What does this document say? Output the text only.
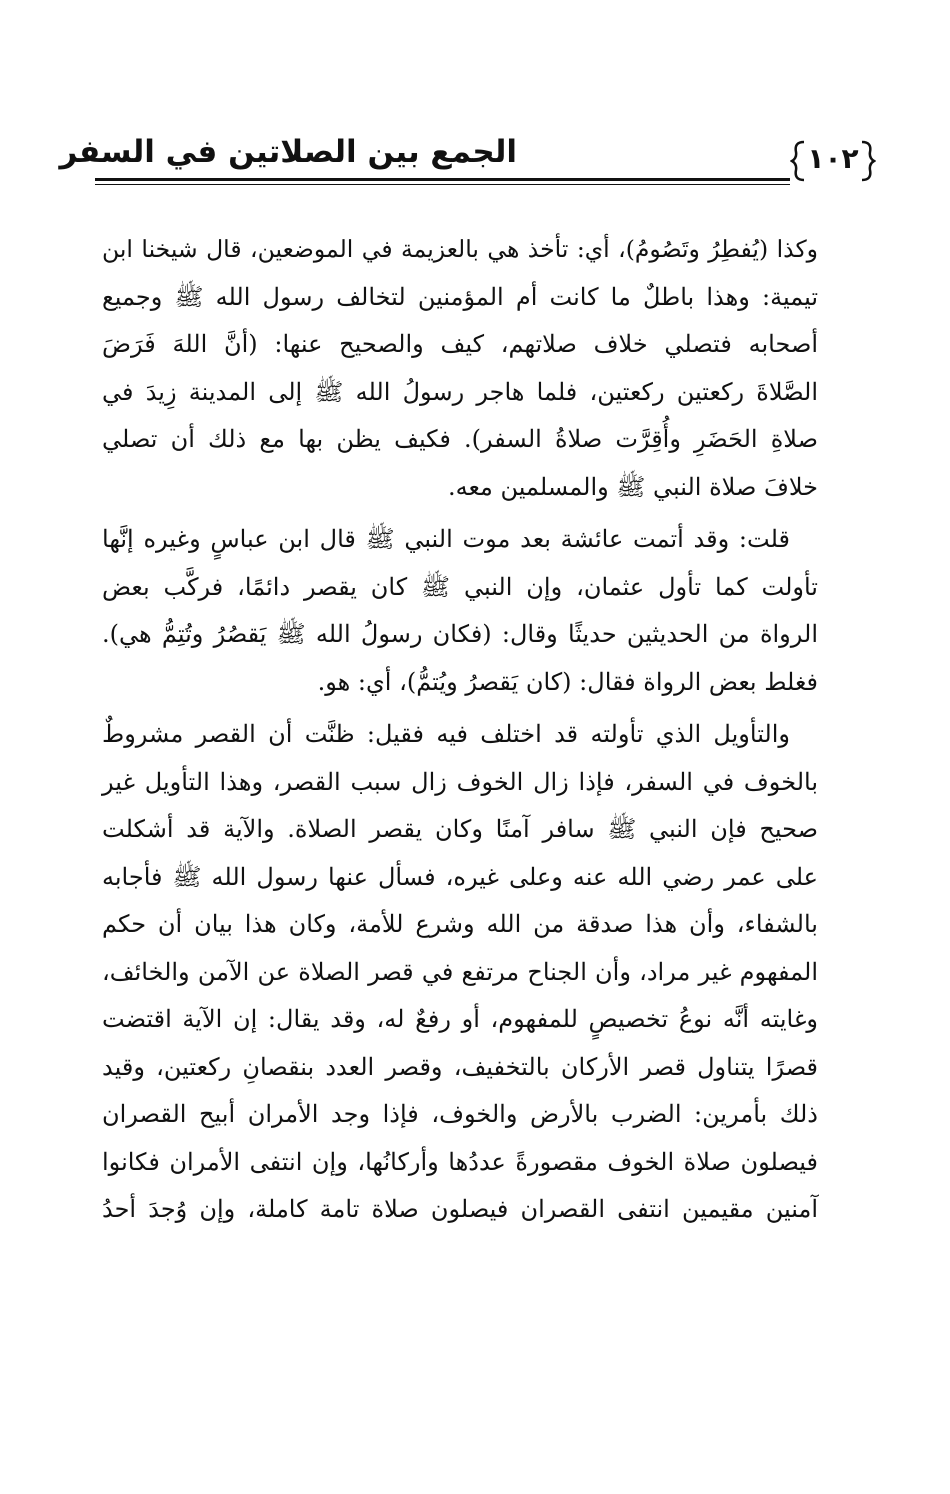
الجمع بين الصلاتين في السفر	١٠٢
وكذا (يُفطِرُ وتَصُومُ)، أي: تأخذ هي بالعزيمة في الموضعين، قال شيخنا ابن
تيمية: وهذا باطلٌ ما كانت أم المؤمنين لتخالف رسول الله ﷺ وجميع
أصحابه فتصلي خلاف صلاتهم، كيف والصحيح عنها: (أنَّ اللهَ فَرَضَ
الصَّلاةَ ركعتين ركعتين، فلما هاجر رسولُ الله ﷺ إلى المدينة زِيدَ في
صلاةِ الحَضَرِ وأُقِرَّت صلاةُ السفر). فكيف يظن بها مع ذلك أن تصلي
خلافَ صلاة النبي ﷺ والمسلمين معه.
قلت: وقد أتمت عائشة بعد موت النبي ﷺ قال ابن عباسٍ وغيره إنَّها
تأولت كما تأول عثمان، وإن النبي ﷺ كان يقصر دائمًا، فركَّب بعض
الرواة من الحديثين حديثًا وقال: (فكان رسولُ الله ﷺ يَقصُرُ وتُتِمُّ هي).
فغلط بعض الرواة فقال: (كان يَقصرُ ويُتمُّ)، أي: هو.
والتأويل الذي تأولته قد اختلف فيه فقيل: ظنَّت أن القصر مشروطٌ
بالخوف في السفر، فإذا زال الخوف زال سبب القصر، وهذا التأويل غير
صحيح فإن النبي ﷺ سافر آمنًا وكان يقصر الصلاة. والآية قد أشكلت
على عمر رضي الله عنه وعلى غيره، فسأل عنها رسول الله ﷺ فأجابه
بالشفاء، وأن هذا صدقة من الله وشرع للأمة، وكان هذا بيان أن حكم
المفهوم غير مراد، وأن الجناح مرتفع في قصر الصلاة عن الآمن والخائف،
وغايته أنَّه نوعُ تخصيصٍ للمفهوم، أو رفعٌ له، وقد يقال: إن الآية اقتضت
قصرًا يتناول قصر الأركان بالتخفيف، وقصر العدد بنقصانِ ركعتين، وقيد
ذلك بأمرين: الضرب بالأرض والخوف، فإذا وجد الأمران أبيح القصران
فيصلون صلاة الخوف مقصورةً عددُها وأركانُها، وإن انتفى الأمران فكانوا
آمنين مقيمين انتفى القصران فيصلون صلاة تامة كاملة، وإن وُجدَ أحدُ
